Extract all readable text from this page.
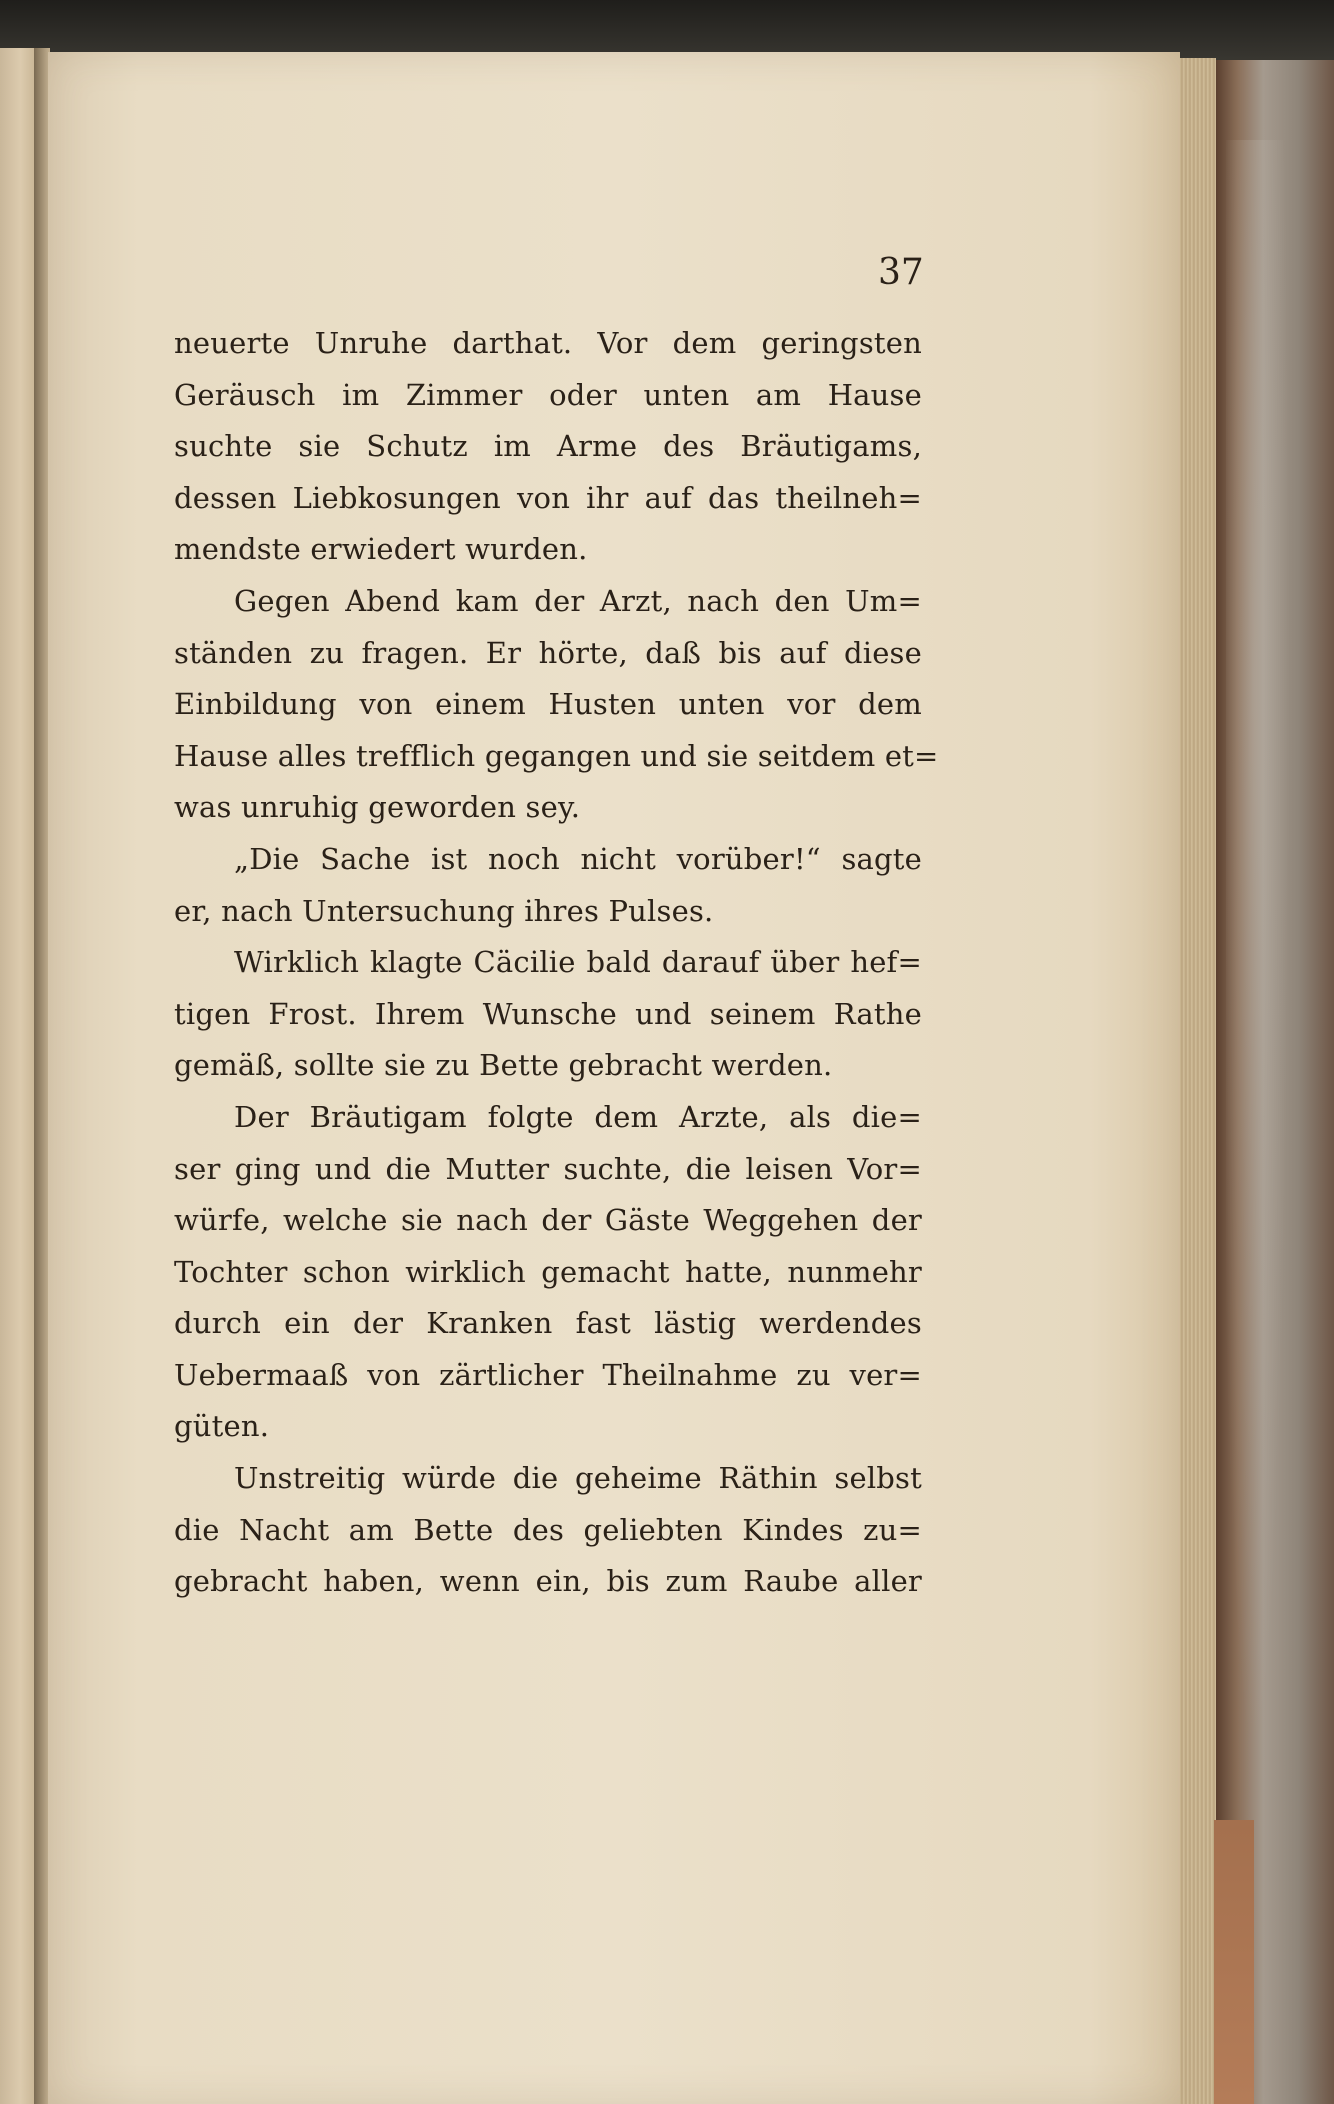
37

neuerte Unruhe darthat. Vor dem geringsten
Geräusch im Zimmer oder unten am Hause
suchte sie Schutz im Arme des Bräutigams,
dessen Liebkosungen von ihr auf das theilneh=
mendste erwiedert wurden.
Gegen Abend kam der Arzt, nach den Um=
ständen zu fragen. Er hörte, daß bis auf diese
Einbildung von einem Husten unten vor dem
Hause alles trefflich gegangen und sie seitdem et=
was unruhig geworden sey.
„Die Sache ist noch nicht vorüber!“ sagte
er, nach Untersuchung ihres Pulses.
Wirklich klagte Cäcilie bald darauf über hef=
tigen Frost. Ihrem Wunsche und seinem Rathe
gemäß, sollte sie zu Bette gebracht werden.
Der Bräutigam folgte dem Arzte, als die=
ser ging und die Mutter suchte, die leisen Vor=
würfe, welche sie nach der Gäste Weggehen der
Tochter schon wirklich gemacht hatte, nunmehr
durch ein der Kranken fast lästig werdendes
Uebermaaß von zärtlicher Theilnahme zu ver=
güten.
Unstreitig würde die geheime Räthin selbst
die Nacht am Bette des geliebten Kindes zu=
gebracht haben, wenn ein, bis zum Raube aller
